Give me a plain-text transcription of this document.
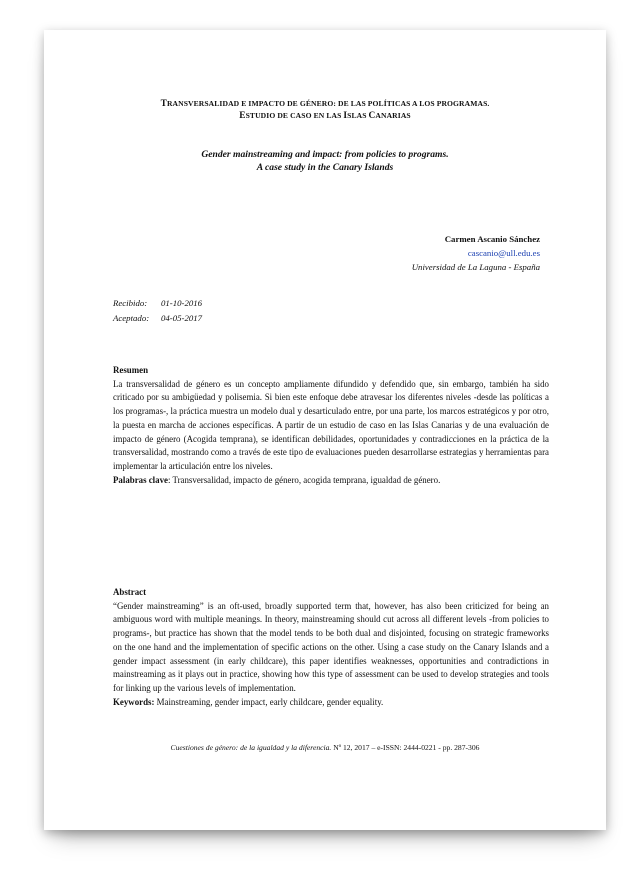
TRANSVERSALIDAD E IMPACTO DE GÉNERO: DE LAS POLÍTICAS A LOS PROGRAMAS.
ESTUDIO DE CASO EN LAS ISLAS CANARIAS
Gender mainstreaming and impact: from policies to programs.
A case study in the Canary Islands
Carmen Ascanio Sánchez
cascanio@ull.edu.es
Universidad de La Laguna - España
Recibido: 01-10-2016
Aceptado: 04-05-2017
Resumen

La transversalidad de género es un concepto ampliamente difundido y defendido que, sin embargo, también ha sido criticado por su ambigüedad y polisemia. Si bien este enfoque debe atravesar los diferentes niveles -desde las políticas a los programas-, la práctica muestra un modelo dual y desarticulado entre, por una parte, los marcos estratégicos y por otro, la puesta en marcha de acciones específicas. A partir de un estudio de caso en las Islas Canarias y de una evaluación de impacto de género (Acogida temprana), se identifican debilidades, oportunidades y contradicciones en la práctica de la transversalidad, mostrando como a través de este tipo de evaluaciones pueden desarrollarse estrategias y herramientas para implementar la articulación entre los niveles.

Palabras clave: Transversalidad, impacto de género, acogida temprana, igualdad de género.

Abstract

“Gender mainstreaming” is an oft-used, broadly supported term that, however, has also been criticized for being an ambiguous word with multiple meanings. In theory, mainstreaming should cut across all different levels -from policies to programs-, but practice has shown that the model tends to be both dual and disjointed, focusing on strategic frameworks on the one hand and the implementation of specific actions on the other. Using a case study on the Canary Islands and a gender impact assessment (in early childcare), this paper identifies weaknesses, opportunities and contradictions in mainstreaming as it plays out in practice, showing how this type of assessment can be used to develop strategies and tools for linking up the various levels of implementation.

Keywords: Mainstreaming, gender impact, early childcare, gender equality.

Cuestiones de género: de la igualdad y la diferencia. Nº 12, 2017 – e-ISSN: 2444-0221 - pp. 287-306
